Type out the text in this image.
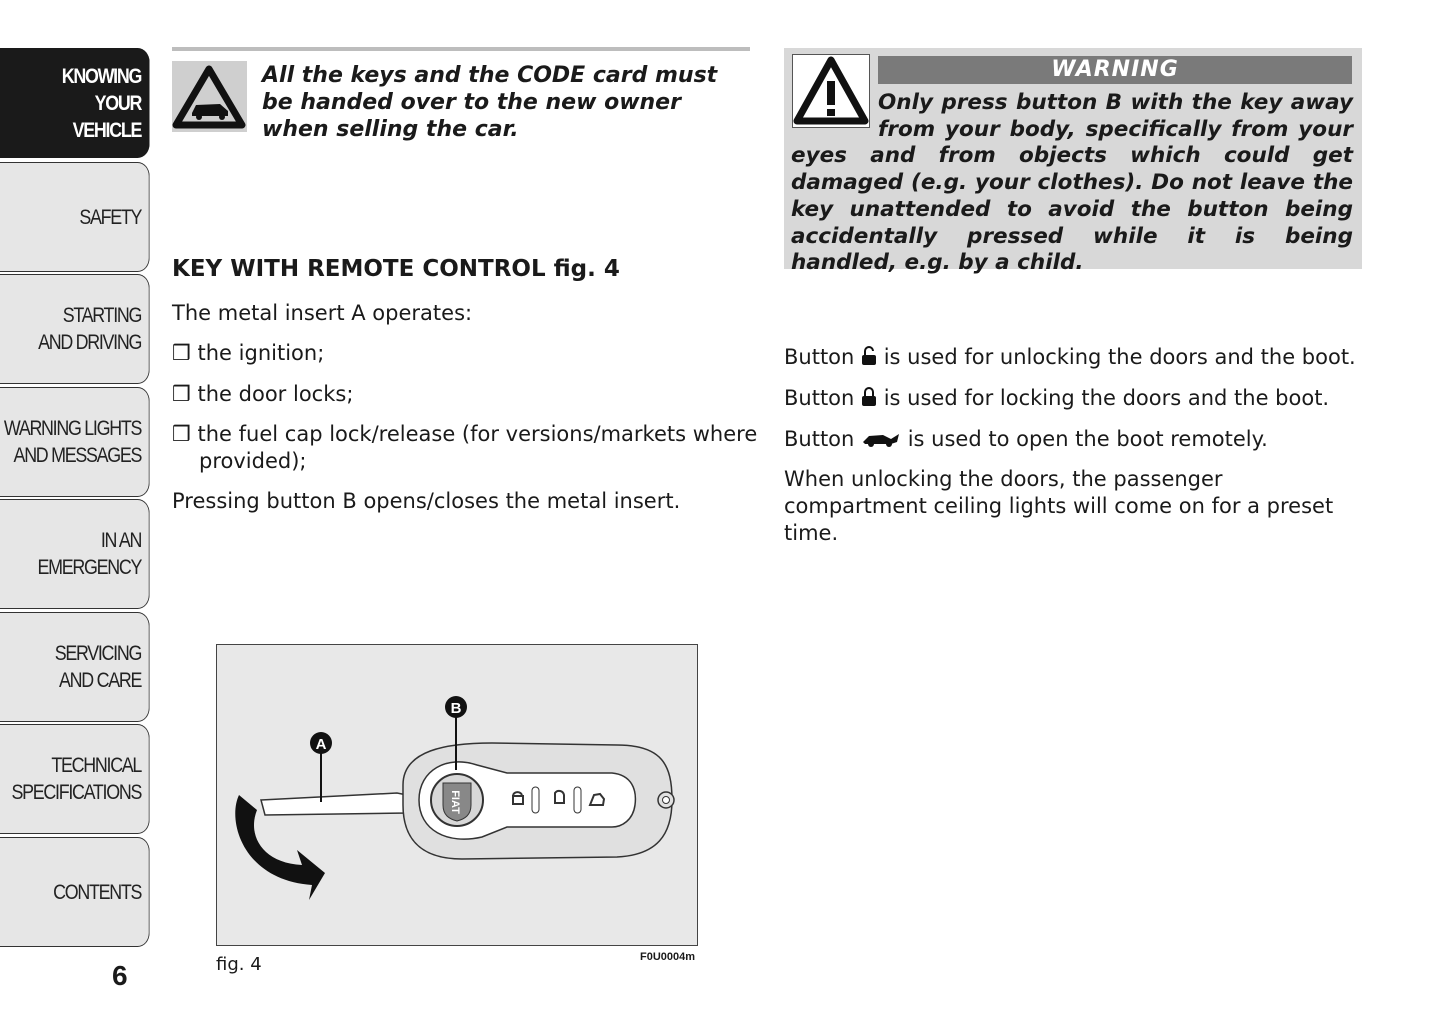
KNOWING
YOUR
VEHICLE
SAFETY
STARTING
AND DRIVING
WARNING LIGHTS
AND MESSAGES
IN AN
EMERGENCY
SERVICING
AND CARE
TECHNICAL
SPECIFICATIONS
CONTENTS
6
All the keys and the CODE card must be handed over to the new owner when selling the car.
KEY WITH REMOTE CONTROL fig. 4
The metal insert A operates:
❒ the ignition;
❒ the door locks;
❒ the fuel cap lock/release (for versions/markets where provided);
Pressing button B opens/closes the metal insert.
WARNING
Only press button B with the key away from your body, specifically from your eyes and from objects which could get damaged (e.g. your clothes). Do not leave the key unattended to avoid the button being accidentally pressed while it is being handled, e.g. by a child.
Button is used for unlocking the doors and the boot.
Button is used for locking the doors and the boot.
Button	is used to open the boot remotely.
When unlocking the doors, the passenger compartment ceiling lights will come on for a preset time.
FIAT
A
B
fig. 4	F0U0004m
